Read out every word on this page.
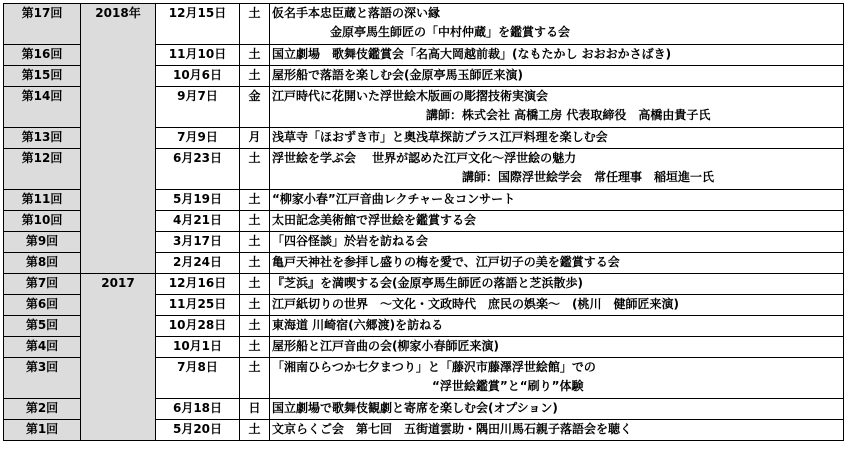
第17回	2018年	12月15日	土	仮名手本忠臣蔵と落語の深い縁
金原亭馬生師匠の「中村仲蔵」を鑑賞する会

第16回		11月10日	土	国立劇場　歌舞伎鑑賞会「名高大岡越前裁」(なもたかし おおおかさばき)
第15回		10月6日	土	屋形船で落語を楽しむ会(金原亭馬玉師匠来演)
第14回		9月7日	金	江戸時代に花開いた浮世絵木版画の彫摺技術実演会
講師：株式会社 高橋工房 代表取締役　高橋由貴子氏

第13回		7月9日	月	浅草寺「ほおずき市」と奥浅草探訪プラス江戸料理を楽しむ会
第12回		6月23日	土	浮世絵を学ぶ会　 世界が認めた江戸文化～浮世絵の魅力
講師：国際浮世絵学会　常任理事　稲垣進一氏

第11回		5月19日	土	“柳家小春”江戸音曲レクチャー＆コンサート
第10回		4月21日	土	太田記念美術館で浮世絵を鑑賞する会
第9回		3月17日	土	「四谷怪談」於岩を訪ねる会
第8回		2月24日	土	亀戸天神社を参拝し盛りの梅を愛で、江戸切子の美を鑑賞する会
第7回	2017	12月16日	土	『芝浜』を満喫する会(金原亭馬生師匠の落語と芝浜散歩)
第6回		11月25日	土	江戸紙切りの世界　～文化・文政時代　庶民の娯楽～　(桃川　健師匠来演)
第5回		10月28日	土	東海道 川崎宿(六郷渡)を訪ねる
第4回		10月1日	土	屋形船と江戸音曲の会(柳家小春師匠来演)
第3回		7月8日	土	「湘南ひらつか七夕まつり」と「藤沢市藤澤浮世絵館」での
“浮世絵鑑賞”と“刷り”体験

第2回		6月18日	日	国立劇場で歌舞伎観劇と寄席を楽しむ会(オプション)
第1回		5月20日	土	文京らくご会　第七回　五街道雲助・隅田川馬石親子落語会を聴く
